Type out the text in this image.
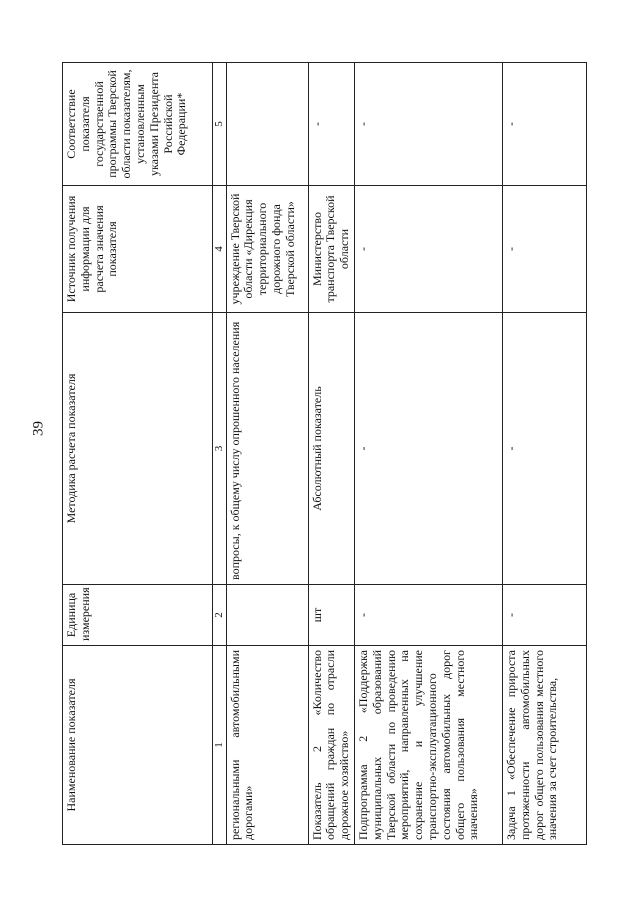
39
Наименование показателя	Единица измерения	Методика расчета показателя	Источник получения информации для расчета значения показателя	Соответствие показателя государственной программы Тверской области показателям, установленным указами Президента Российской Федерации*
1	2	3	4	5
региональными автомобильными дорогами»		вопросы, к общему числу опрошенного населения	учреждение Тверской области «Дирекция территориального дорожного фонда Тверской области»	
Показатель 2 «Количество обращений граждан по отрасли дорожное хозяйство»	шт	Абсолютный показатель	Министерство транспорта Тверской области	-
Подпрограмма 2 «Поддержка муниципальных образований Тверской области по проведению мероприятий, направленных на сохранение и улучшение транспортно-эксплуатационного состояния автомобильных дорог общего пользования местного значения»	-	-	-	-
Задача 1 «Обеспечение прироста протяженности автомобильных дорог общего пользования местного значения за счет строительства,	-	-	-	-
